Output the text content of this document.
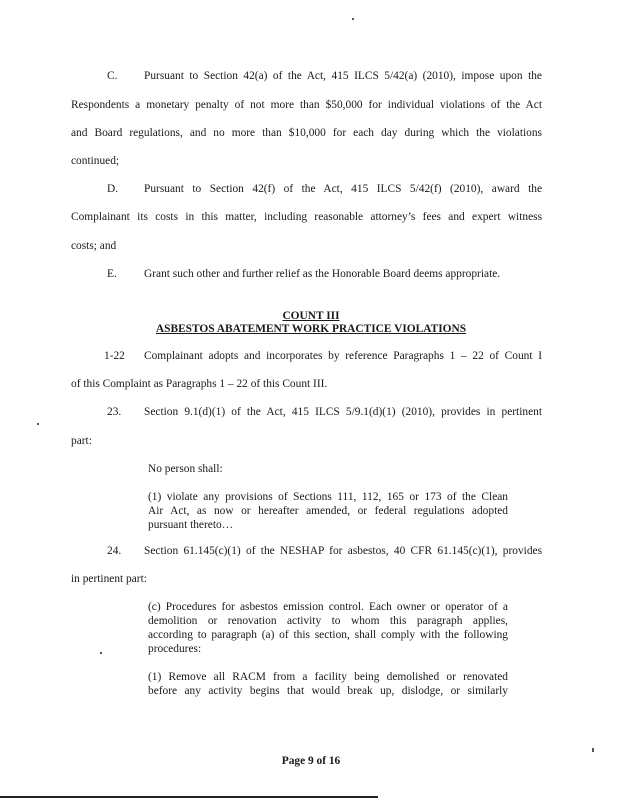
C. Pursuant to Section 42(a) of the Act, 415 ILCS 5/42(a) (2010), impose upon the
Respondents a monetary penalty of not more than $50,000 for individual violations of the Act
and Board regulations, and no more than $10,000 for each day during which the violations
continued;
D. Pursuant to Section 42(f) of the Act, 415 ILCS 5/42(f) (2010), award the
Complainant its costs in this matter, including reasonable attorney’s fees and expert witness
costs; and
E. Grant such other and further relief as the Honorable Board deems appropriate.
COUNT III
ASBESTOS ABATEMENT WORK PRACTICE VIOLATIONS
1-22 Complainant adopts and incorporates by reference Paragraphs 1 – 22 of Count I
of this Complaint as Paragraphs 1 – 22 of this Count III.
23. Section 9.1(d)(1) of the Act, 415 ILCS 5/9.1(d)(1) (2010), provides in pertinent
part:
No person shall:
(1) violate any provisions of Sections 111, 112, 165 or 173 of the Clean
Air Act, as now or hereafter amended, or federal regulations adopted
pursuant thereto…
24. Section 61.145(c)(1) of the NESHAP for asbestos, 40 CFR 61.145(c)(1), provides
in pertinent part:
(c) Procedures for asbestos emission control. Each owner or operator of a
demolition or renovation activity to whom this paragraph applies,
according to paragraph (a) of this section, shall comply with the following
procedures:
(1) Remove all RACM from a facility being demolished or renovated
before any activity begins that would break up, dislodge, or similarly
Page 9 of 16
